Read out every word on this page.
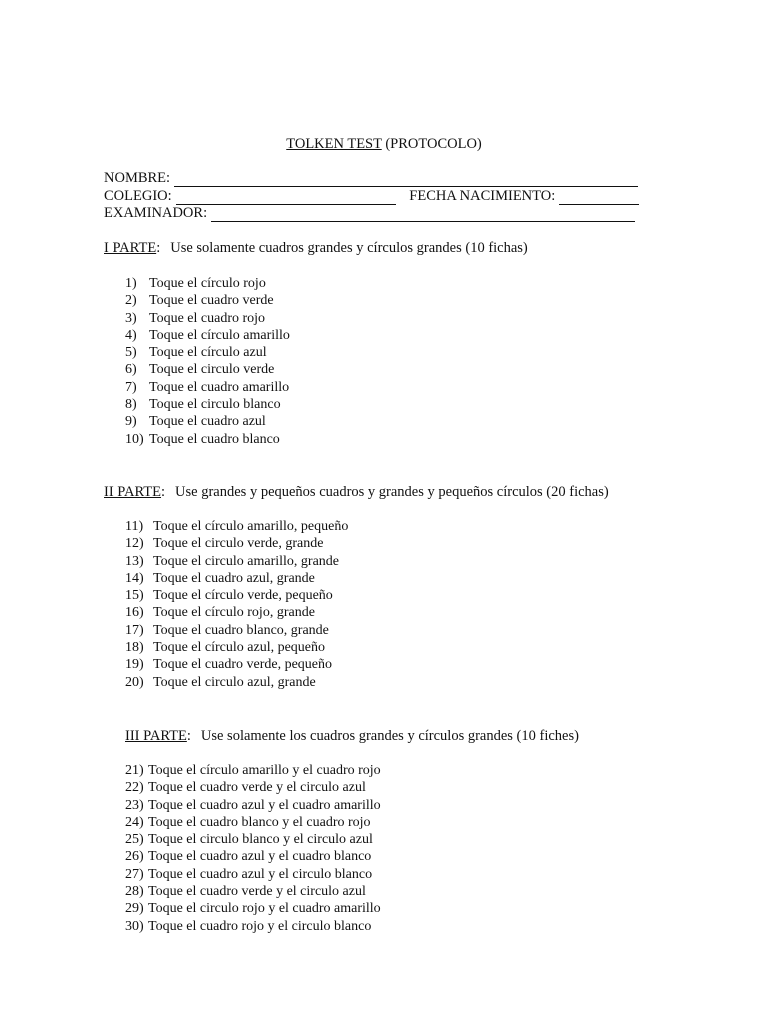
TOLKEN TEST (PROTOCOLO)
NOMBRE:
COLEGIO:	FECHA NACIMIENTO:
EXAMINADOR:
I PARTE: Use solamente cuadros grandes y círculos grandes (10 fichas)
1) Toque el círculo rojo
2) Toque el cuadro verde
3) Toque el cuadro rojo
4) Toque el círculo amarillo
5) Toque el círculo azul
6) Toque el circulo verde
7) Toque el cuadro amarillo
8) Toque el circulo blanco
9) Toque el cuadro azul
10) Toque el cuadro blanco
II PARTE: Use grandes y pequeños cuadros y grandes y pequeños círculos (20 fichas)
11) Toque el círculo amarillo, pequeño
12) Toque el circulo verde, grande
13) Toque el circulo amarillo, grande
14) Toque el cuadro azul, grande
15) Toque el círculo verde, pequeño
16) Toque el círculo rojo, grande
17) Toque el cuadro blanco, grande
18) Toque el círculo azul, pequeño
19) Toque el cuadro verde, pequeño
20) Toque el circulo azul, grande
III PARTE: Use solamente los cuadros grandes y círculos grandes (10 fiches)
21) Toque el círculo amarillo y el cuadro rojo
22) Toque el cuadro verde y el circulo azul
23) Toque el cuadro azul y el cuadro amarillo
24) Toque el cuadro blanco y el cuadro rojo
25) Toque el circulo blanco y el circulo azul
26) Toque el cuadro azul y el cuadro blanco
27) Toque el cuadro azul y el circulo blanco
28) Toque el cuadro verde y el circulo azul
29) Toque el circulo rojo y el cuadro amarillo
30) Toque el cuadro rojo y el circulo blanco
